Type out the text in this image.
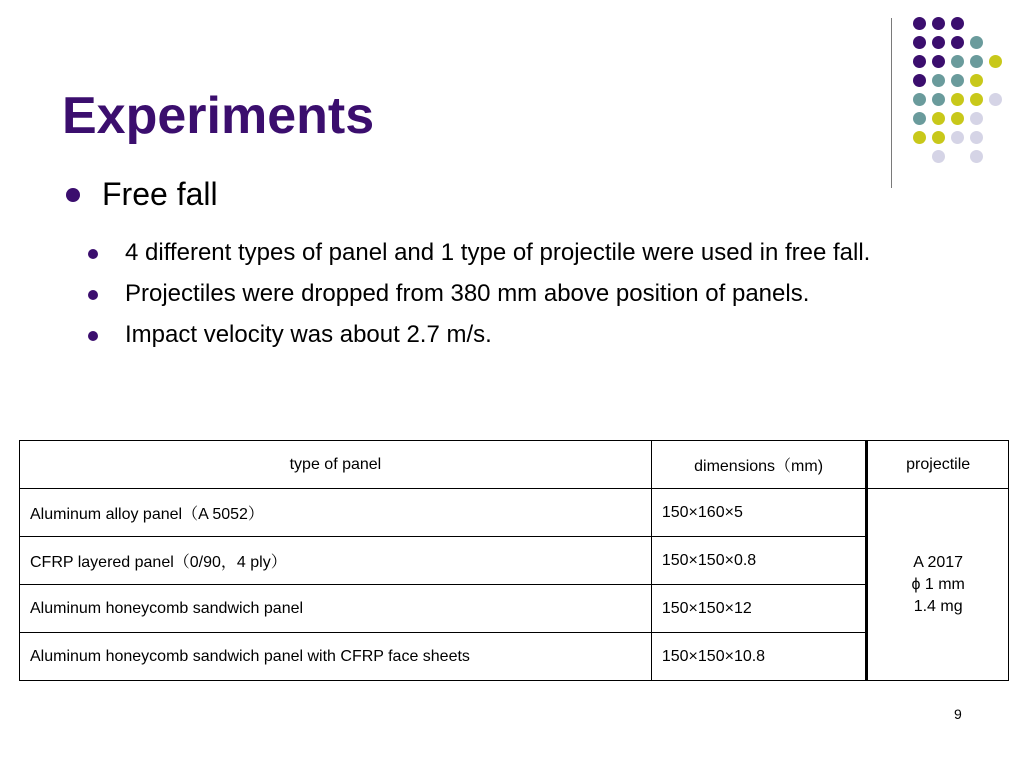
Experiments
Free fall
4 different types of panel and 1 type of projectile were used in free fall.
Projectiles were dropped from 380 mm above position of panels.
Impact velocity was about 2.7 m/s.
type of panel	dimensions（mm)	projectile
Aluminum alloy panel（A 5052）	150×160×5	A 2017
ϕ 1 mm
1.4 mg

CFRP layered panel（0/90，4 ply）	150×150×0.8	
Aluminum honeycomb sandwich panel	150×150×12	
Aluminum honeycomb sandwich panel with CFRP face sheets	150×150×10.8	
9
